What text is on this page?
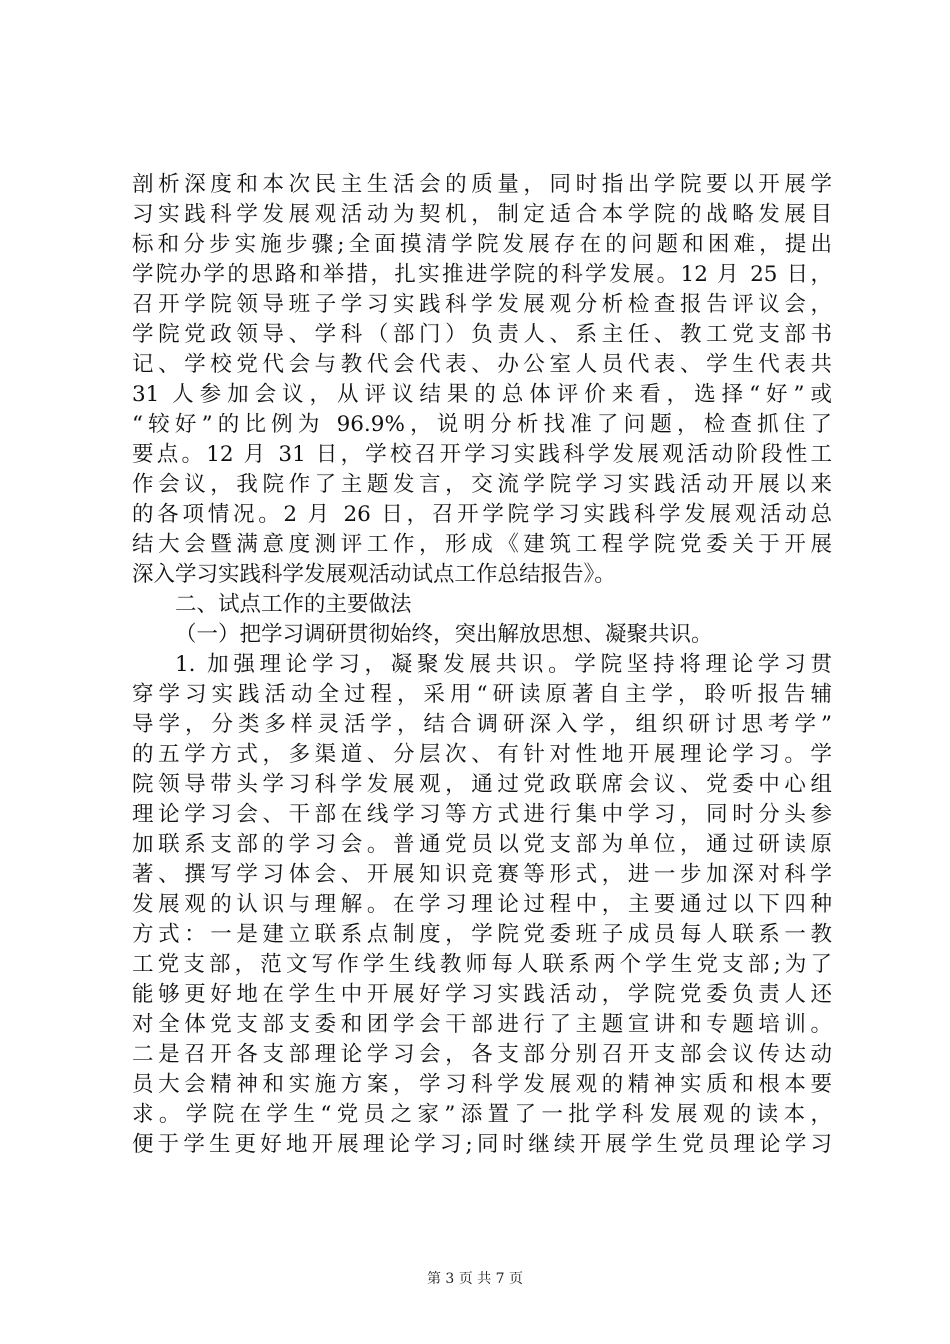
剖析深度和本次民主生活会的质量，同时指出学院要以开展学
习实践科学发展观活动为契机，制定适合本学院的战略发展目
标和分步实施步骤;全面摸清学院发展存在的问题和困难，提出
学院办学的思路和举措，扎实推进学院的科学发展。12 月 25 日，
召开学院领导班子学习实践科学发展观分析检查报告评议会，
学院党政领导、学科（部门）负责人、系主任、教工党支部书
记、学校党代会与教代会代表、办公室人员代表、学生代表共
31 人参加会议，从评议结果的总体评价来看，选择“好”或
“较好”的比例为 96.9%，说明分析找准了问题，检查抓住了
要点。12 月 31 日，学校召开学习实践科学发展观活动阶段性工
作会议，我院作了主题发言，交流学院学习实践活动开展以来
的各项情况。2 月 26 日，召开学院学习实践科学发展观活动总
结大会暨满意度测评工作，形成《建筑工程学院党委关于开展
深入学习实践科学发展观活动试点工作总结报告》。
二、试点工作的主要做法
（一）把学习调研贯彻始终，突出解放思想、凝聚共识。
1. 加强理论学习，凝聚发展共识。学院坚持将理论学习贯
穿学习实践活动全过程，采用“研读原著自主学，聆听报告辅
导学，分类多样灵活学，结合调研深入学，组织研讨思考学”
的五学方式，多渠道、分层次、有针对性地开展理论学习。学
院领导带头学习科学发展观，通过党政联席会议、党委中心组
理论学习会、干部在线学习等方式进行集中学习，同时分头参
加联系支部的学习会。普通党员以党支部为单位，通过研读原
著、撰写学习体会、开展知识竞赛等形式，进一步加深对科学
发展观的认识与理解。在学习理论过程中，主要通过以下四种
方式：一是建立联系点制度，学院党委班子成员每人联系一教
工党支部，范文写作学生线教师每人联系两个学生党支部;为了
能够更好地在学生中开展好学习实践活动，学院党委负责人还
对全体党支部支委和团学会干部进行了主题宣讲和专题培训。
二是召开各支部理论学习会，各支部分别召开支部会议传达动
员大会精神和实施方案，学习科学发展观的精神实质和根本要
求。学院在学生“党员之家”添置了一批学科发展观的读本，
便于学生更好地开展理论学习;同时继续开展学生党员理论学习
第 3 页 共 7 页
